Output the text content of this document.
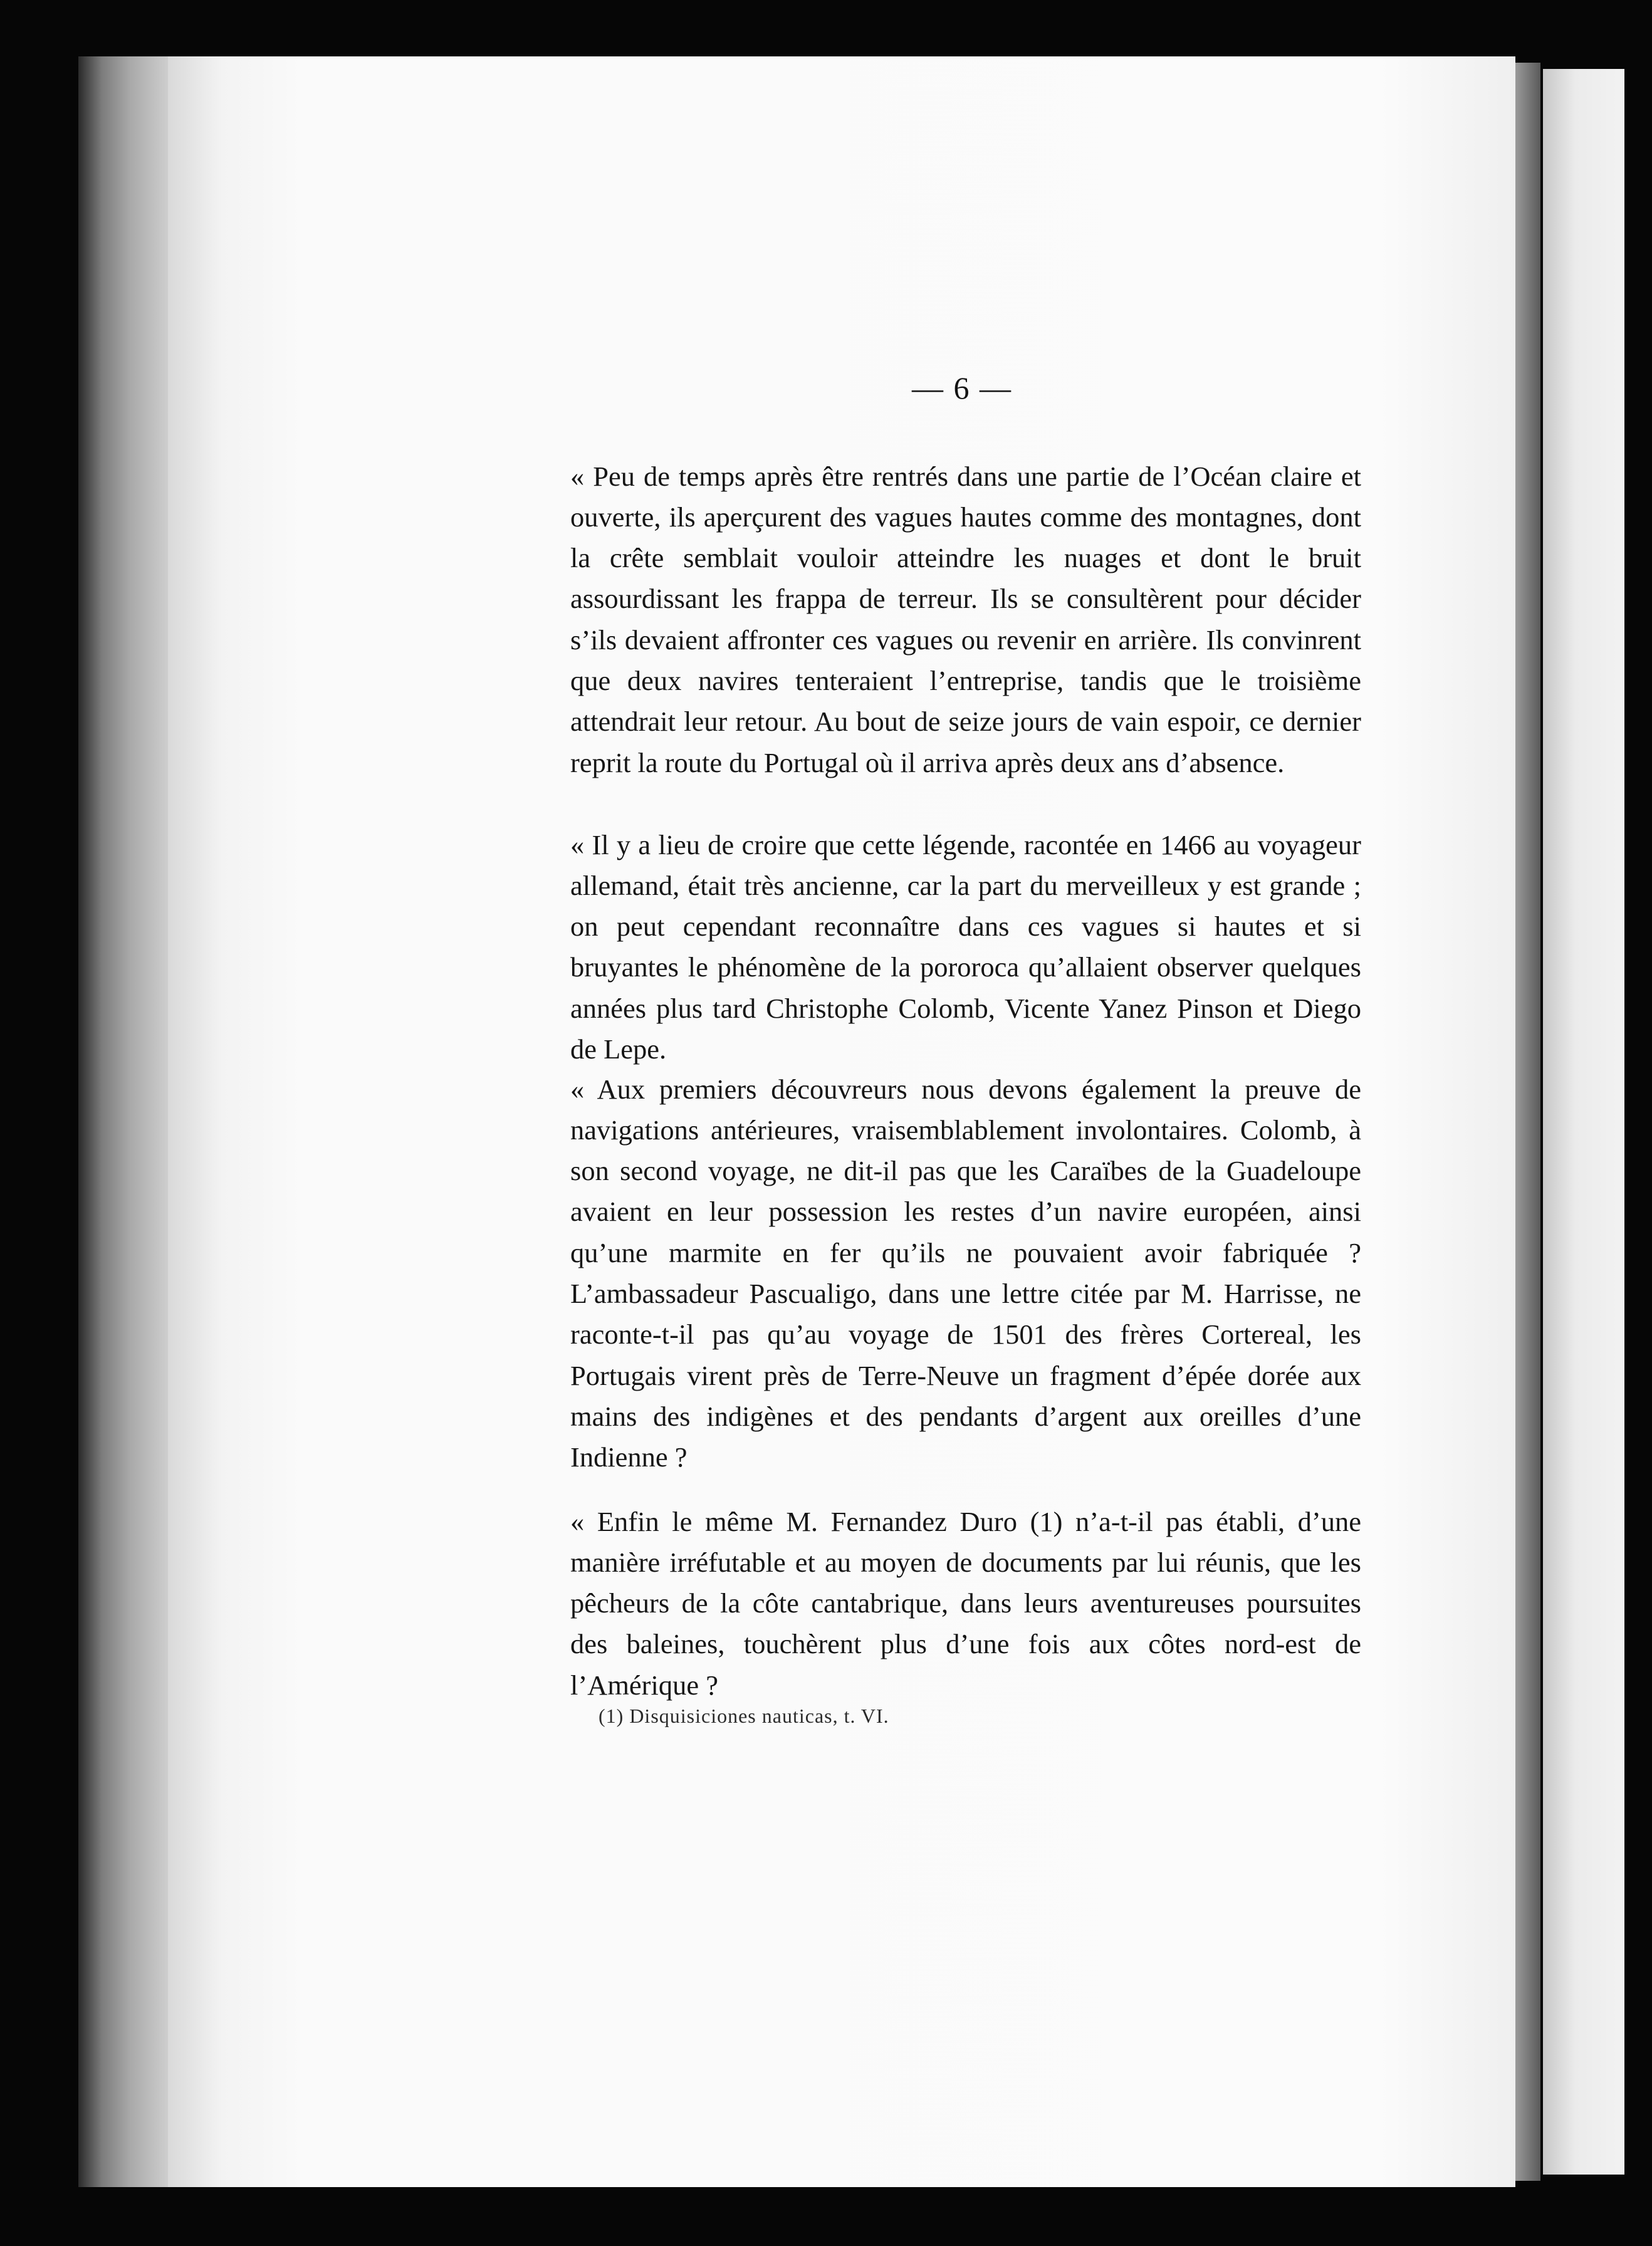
— 6 —

« Peu de temps après être rentrés dans une partie de l’Océan claire et ouverte, ils aperçurent des vagues hautes comme des montagnes, dont la crête semblait vouloir atteindre les nuages et dont le bruit assourdissant les frappa de terreur. Ils se consultèrent pour décider s’ils devaient affronter ces vagues ou revenir en arrière. Ils convinrent que deux navires tenteraient l’entreprise, tandis que le troisième attendrait leur retour. Au bout de seize jours de vain espoir, ce dernier reprit la route du Portugal où il arriva après deux ans d’absence.

« Il y a lieu de croire que cette légende, racontée en 1466 au voyageur allemand, était très ancienne, car la part du merveilleux y est grande ; on peut cependant reconnaître dans ces vagues si hautes et si bruyantes le phénomène de la pororoca qu’allaient observer quelques années plus tard Christophe Colomb, Vicente Yanez Pinson et Diego de Lepe.

« Aux premiers découvreurs nous devons également la preuve de navigations antérieures, vraisemblablement involontaires. Colomb, à son second voyage, ne dit-il pas que les Caraïbes de la Guadeloupe avaient en leur possession les restes d’un navire européen, ainsi qu’une marmite en fer qu’ils ne pouvaient avoir fabriquée ? L’ambassadeur Pascualigo, dans une lettre citée par M. Harrisse, ne raconte-t-il pas qu’au voyage de 1501 des frères Cortereal, les Portugais virent près de Terre-Neuve un fragment d’épée dorée aux mains des indigènes et des pendants d’argent aux oreilles d’une Indienne ?

« Enfin le même M. Fernandez Duro (1) n’a-t-il pas établi, d’une manière irréfutable et au moyen de documents par lui réunis, que les pêcheurs de la côte cantabrique, dans leurs aventureuses poursuites des baleines, touchèrent plus d’une fois aux côtes nord-est de l’Amérique ?

(1) Disquisiciones nauticas, t. VI.
